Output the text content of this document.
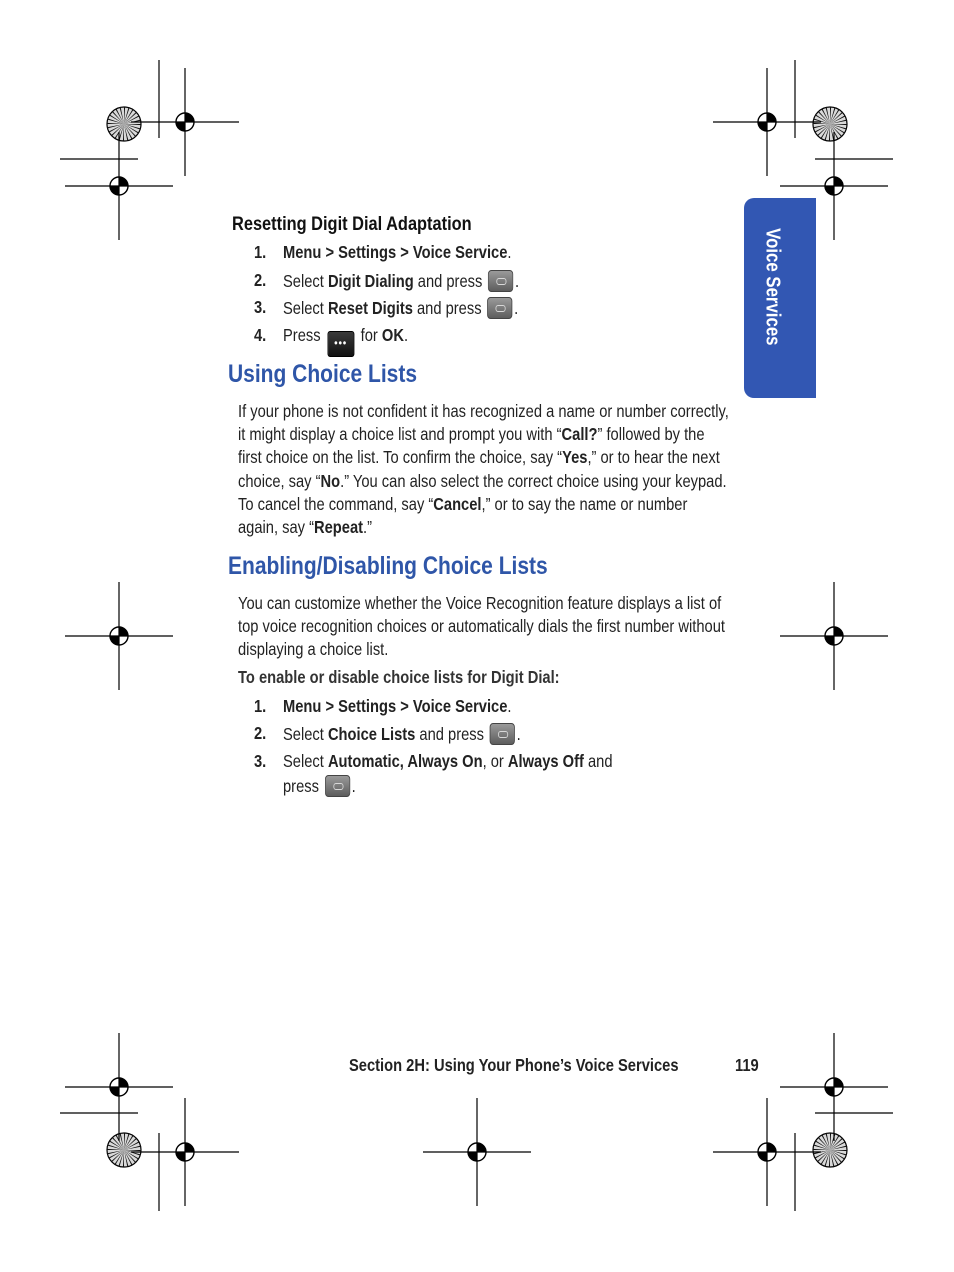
Voice Services
Resetting Digit Dial Adaptation
1. Menu > Settings > Voice Service.
2. Select Digit Dialing and press .
3. Select Reset Digits and press .
4. Press ••• for OK.
Using Choice Lists
If your phone is not confident it has recognized a name or number correctly,
it might display a choice list and prompt you with “Call?” followed by the
first choice on the list. To confirm the choice, say “Yes,” or to hear the next
choice, say “No.” You can also select the correct choice using your keypad.
To cancel the command, say “Cancel,” or to say the name or number
again, say “Repeat.”
Enabling/Disabling Choice Lists
You can customize whether the Voice Recognition feature displays a list of
top voice recognition choices or automatically dials the first number without
displaying a choice list.
To enable or disable choice lists for Digit Dial:
1. Menu > Settings > Voice Service.
2. Select Choice Lists and press .
3. Select Automatic, Always On, or Always Off and
press .
Section 2H: Using Your Phone’s Voice Services	119
